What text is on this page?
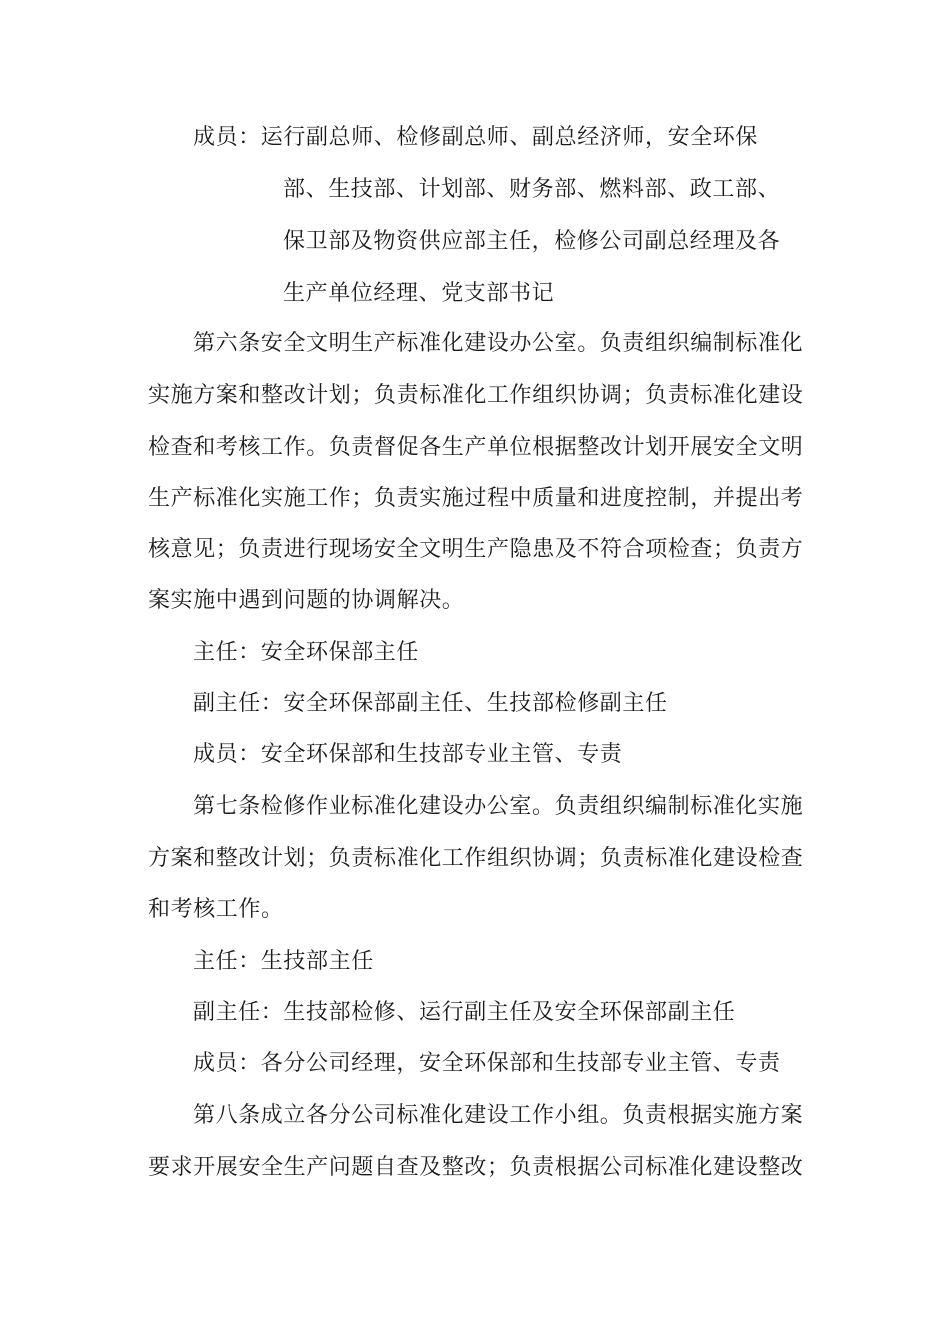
成员：运行副总师、检修副总师、副总经济师，安全环保
部、生技部、计划部、财务部、燃料部、政工部、
保卫部及物资供应部主任，检修公司副总经理及各
生产单位经理、党支部书记
第六条安全文明生产标准化建设办公室。负责组织编制标准化
实施方案和整改计划；负责标准化工作组织协调；负责标准化建设
检查和考核工作。负责督促各生产单位根据整改计划开展安全文明
生产标准化实施工作；负责实施过程中质量和进度控制，并提出考
核意见；负责进行现场安全文明生产隐患及不符合项检查；负责方
案实施中遇到问题的协调解决。
主任：安全环保部主任
副主任：安全环保部副主任、生技部检修副主任
成员：安全环保部和生技部专业主管、专责
第七条检修作业标准化建设办公室。负责组织编制标准化实施
方案和整改计划；负责标准化工作组织协调；负责标准化建设检查
和考核工作。
主任：生技部主任
副主任：生技部检修、运行副主任及安全环保部副主任
成员：各分公司经理，安全环保部和生技部专业主管、专责
第八条成立各分公司标准化建设工作小组。负责根据实施方案
要求开展安全生产问题自查及整改；负责根据公司标准化建设整改
